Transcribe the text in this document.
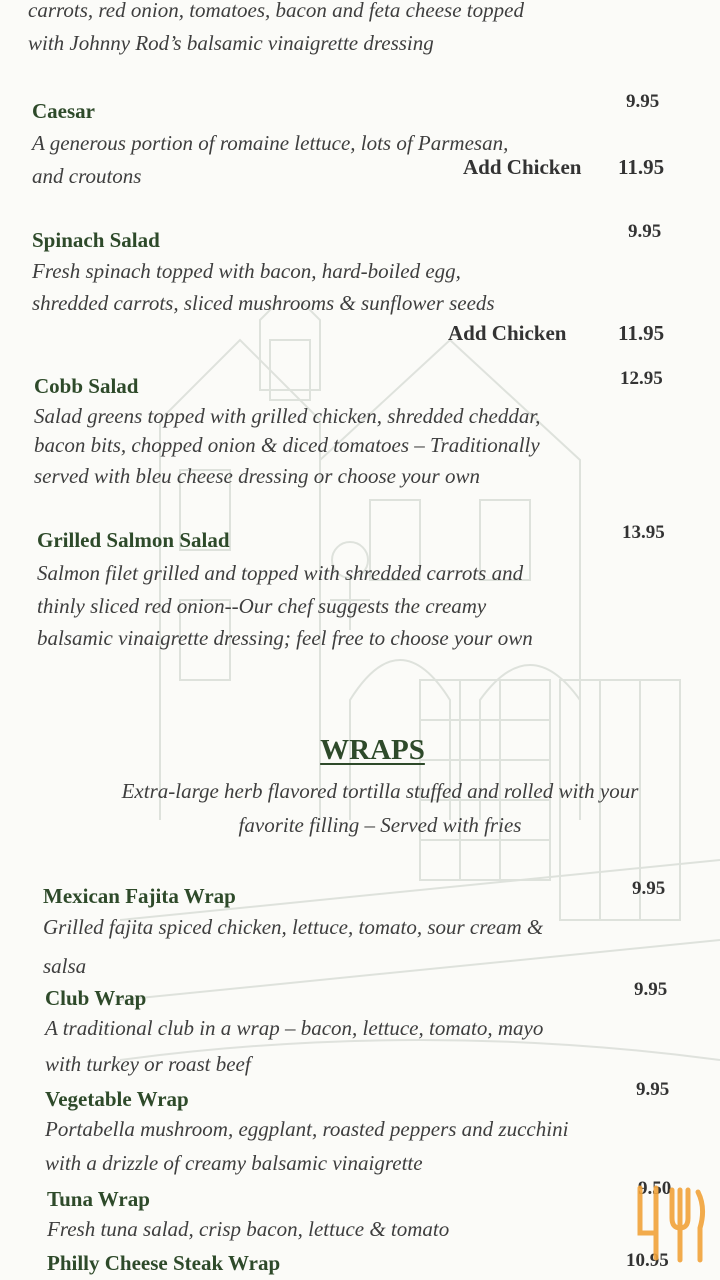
carrots, red onion, tomatoes, bacon and feta cheese topped
with Johnny Rod’s balsamic vinaigrette dressing
Caesar	9.95
A generous portion of romaine lettuce, lots of Parmesan,
and croutons	Add Chicken 11.95
Spinach Salad	9.95
Fresh spinach topped with bacon, hard-boiled egg,
shredded carrots, sliced mushrooms & sunflower seeds
Add Chicken 11.95
Cobb Salad	12.95
Salad greens topped with grilled chicken, shredded cheddar,
bacon bits, chopped onion & diced tomatoes – Traditionally
served with bleu cheese dressing or choose your own
Grilled Salmon Salad	13.95
Salmon filet grilled and topped with shredded carrots and
thinly sliced red onion--Our chef suggests the creamy
balsamic vinaigrette dressing; feel free to choose your own
WRAPS
Extra-large herb flavored tortilla stuffed and rolled with your
favorite filling – Served with fries
Mexican Fajita Wrap	9.95
Grilled fajita spiced chicken, lettuce, tomato, sour cream &
salsa
Club Wrap	9.95
A traditional club in a wrap – bacon, lettuce, tomato, mayo
with turkey or roast beef
Vegetable Wrap	9.95
Portabella mushroom, eggplant, roasted peppers and zucchini
with a drizzle of creamy balsamic vinaigrette
Tuna Wrap	9.50
Fresh tuna salad, crisp bacon, lettuce & tomato
Philly Cheese Steak Wrap	10.95
